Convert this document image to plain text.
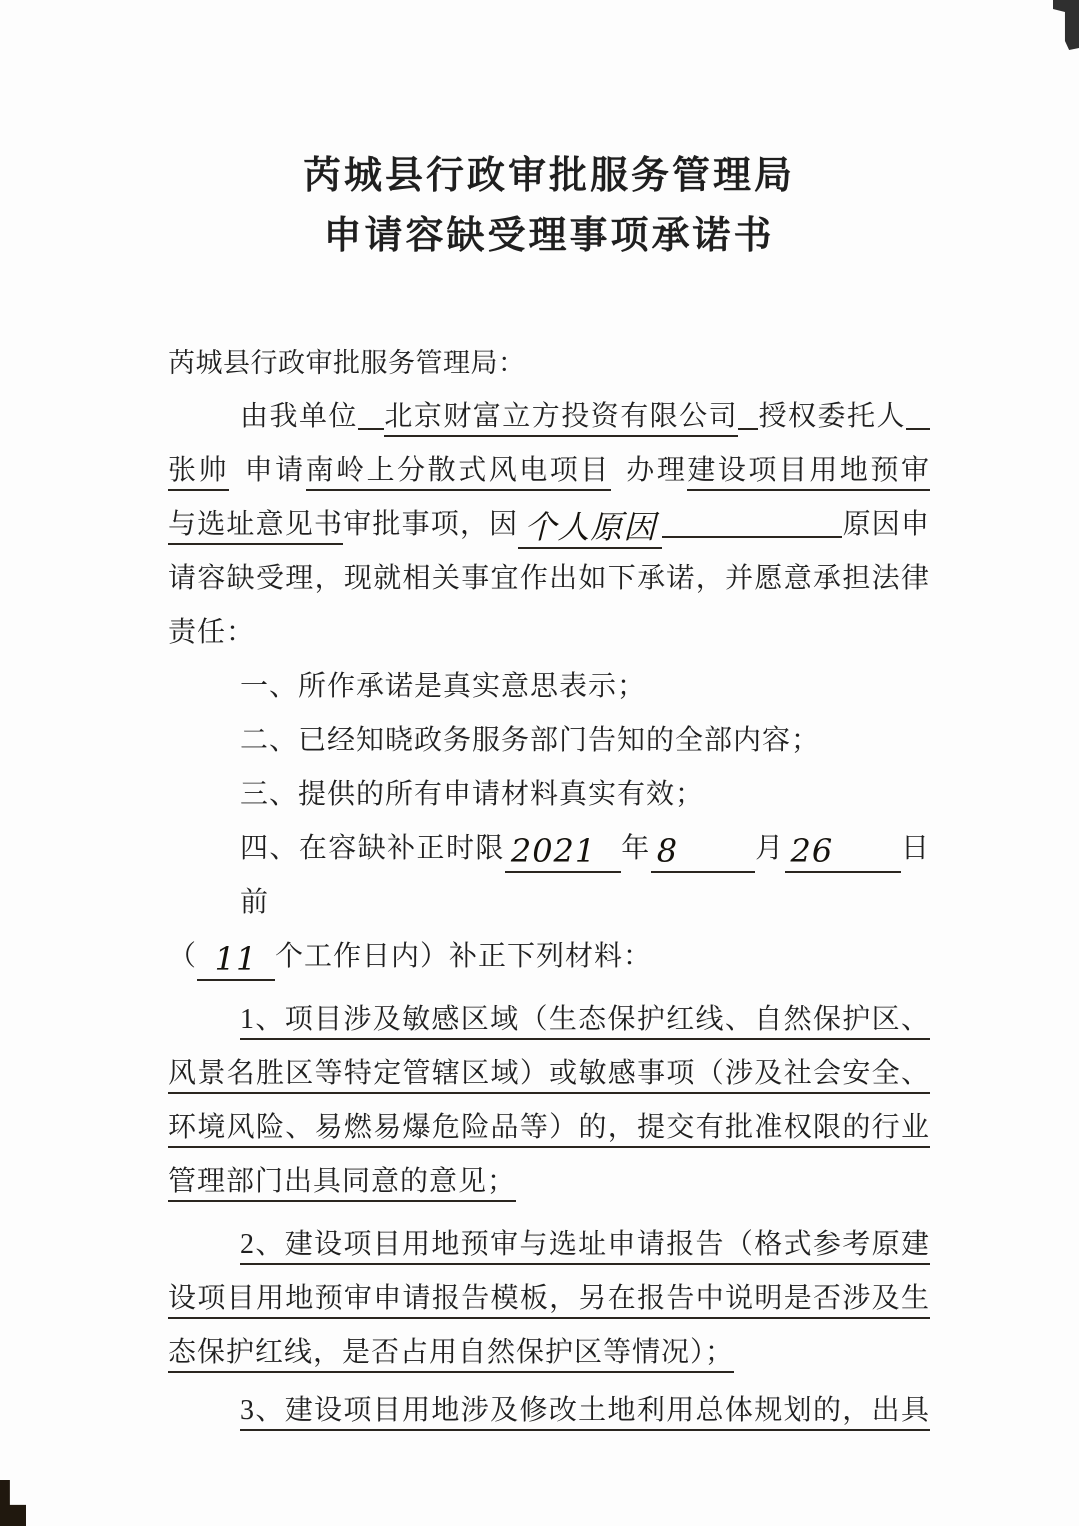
芮城县行政审批服务管理局
申请容缺受理事项承诺书
芮城县行政审批服务管理局：
由我单位 北京财富立方投资有限公司 授权委托人
张帅 申请南岭上分散式风电项目 办理建设项目用地预审
与选址意见书审批事项，因 个人原因	原因申
请容缺受理，现就相关事宜作出如下承诺，并愿意承担法律
责任：
一、所作承诺是真实意思表示；
二、已经知晓政务服务部门告知的全部内容；
三、提供的所有申请材料真实有效；
四、在容缺补正时限 2021 年 8	月 26 日前
（ 11 个工作日内）补正下列材料：
1、项目涉及敏感区域（生态保护红线、自然保护区、
风景名胜区等特定管辖区域）或敏感事项（涉及社会安全、
环境风险、易燃易爆危险品等）的，提交有批准权限的行业
管理部门出具同意的意见；
2、建设项目用地预审与选址申请报告（格式参考原建
设项目用地预审申请报告模板，另在报告中说明是否涉及生
态保护红线，是否占用自然保护区等情况）；
3、建设项目用地涉及修改土地利用总体规划的，出具
